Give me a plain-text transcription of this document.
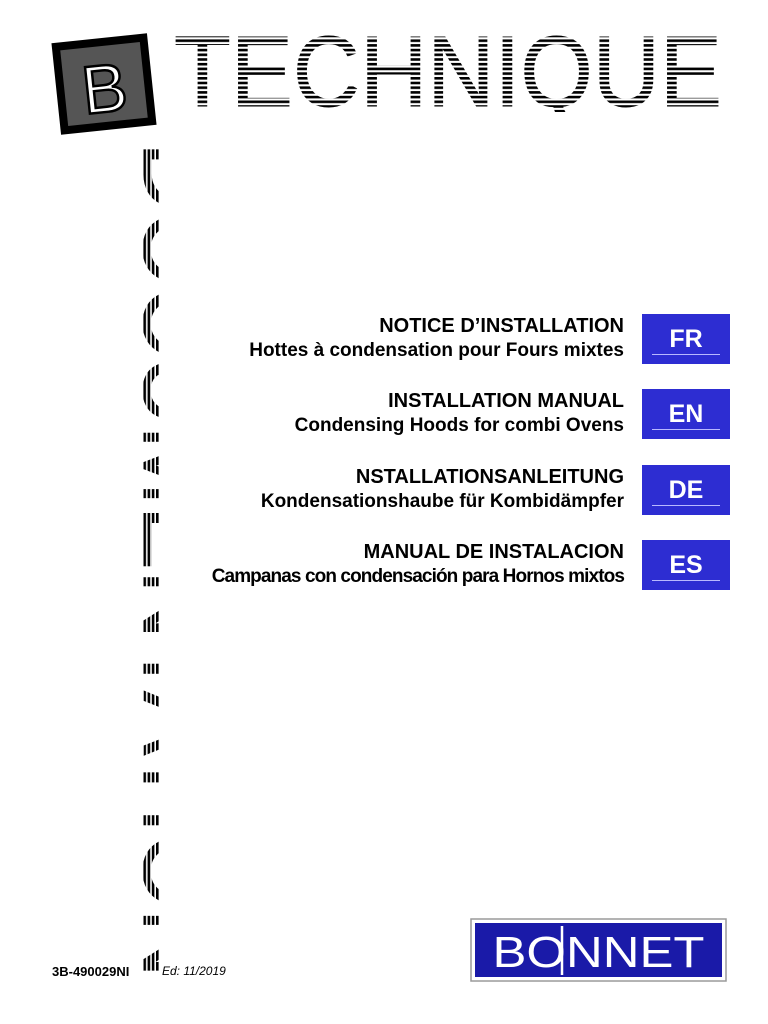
B
NOTICE D’INSTALLATION
Hottes à condensation pour Fours mixtes FR
INSTALLATION MANUAL
Condensing Hoods for combi Ovens EN
NSTALLATIONSANLEITUNG
Kondensationshaube für Kombidämpfer DE
MANUAL DE INSTALACION
Campanas con condensación para Hornos mixtos ES
BONNET
3B-490029NI	Ed: 11/2019
